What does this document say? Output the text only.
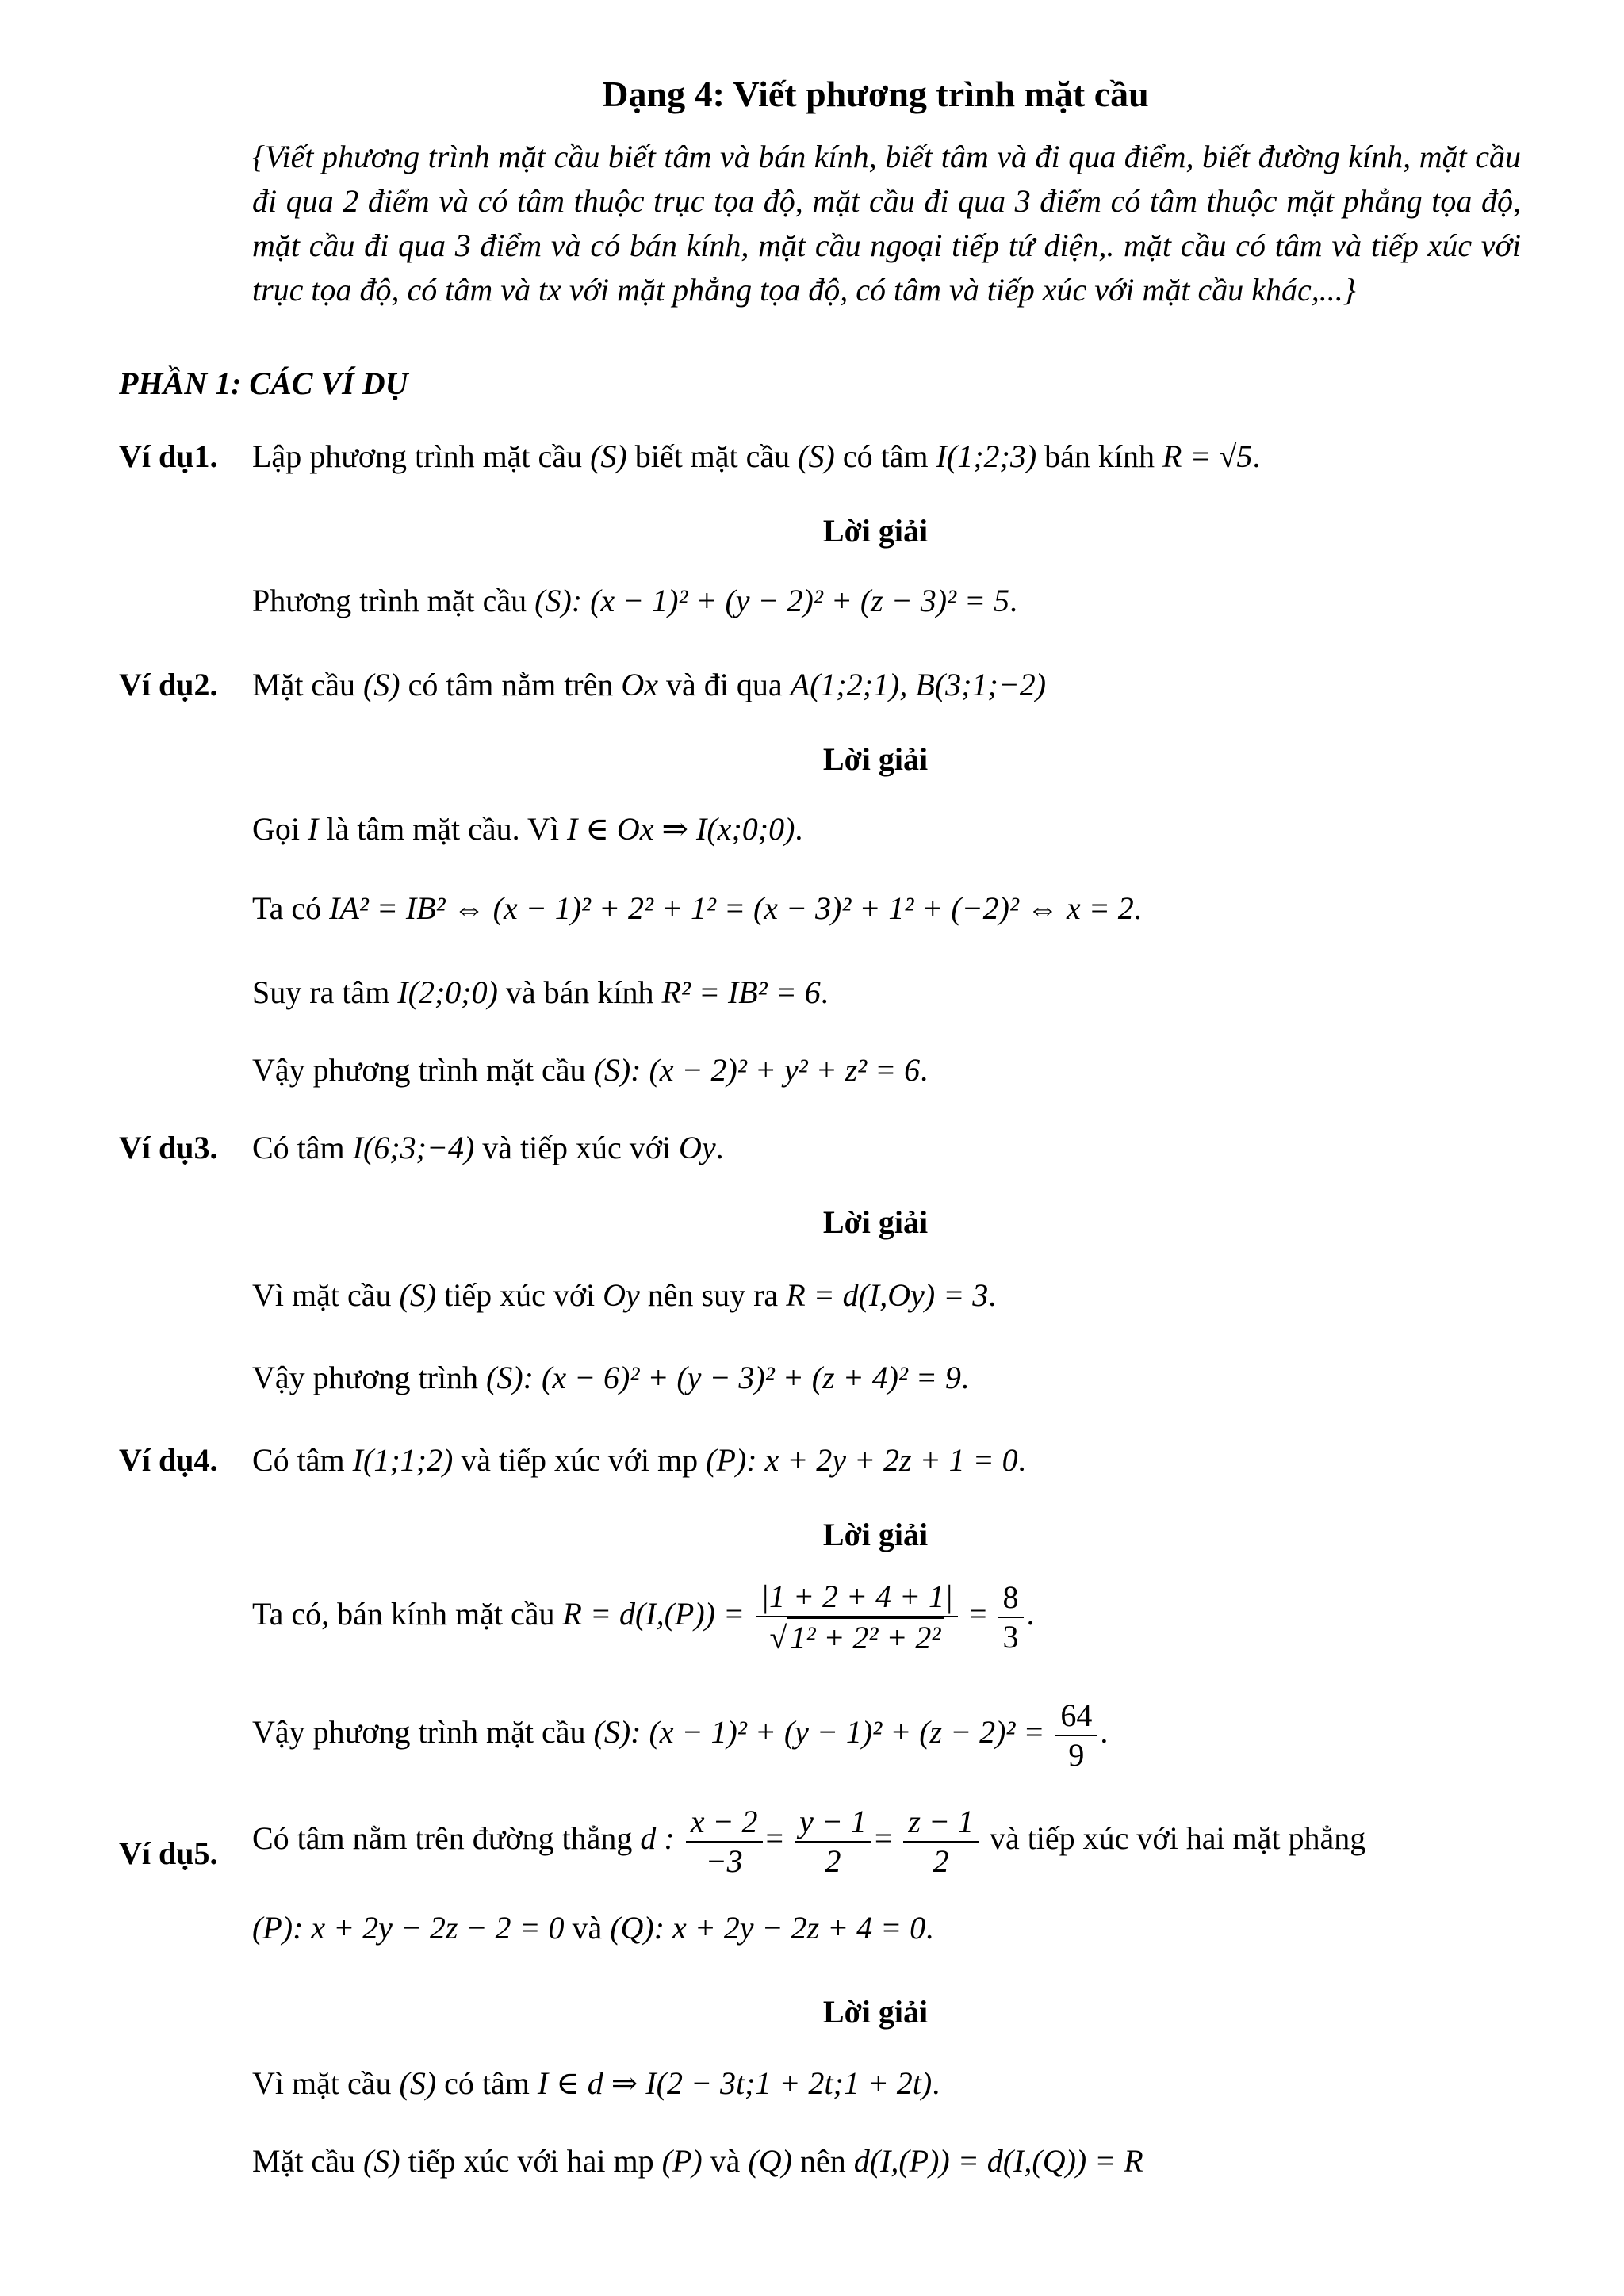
Dạng 4: Viết phương trình mặt cầu
{Viết phương trình mặt cầu biết tâm và bán kính, biết tâm và đi qua điểm, biết đường kính, mặt cầu đi qua 2 điểm và có tâm thuộc trục tọa độ, mặt cầu đi qua 3 điểm có tâm thuộc mặt phẳng tọa độ, mặt cầu đi qua 3 điểm và có bán kính, mặt cầu ngoại tiếp tứ diện,. mặt cầu có tâm và tiếp xúc với trục tọa độ, có tâm và tx với mặt phẳng tọa độ, có tâm và tiếp xúc với mặt cầu khác,...}
PHẦN 1: CÁC VÍ DỤ
Ví dụ1. Lập phương trình mặt cầu (S) biết mặt cầu (S) có tâm I(1;2;3) bán kính R = √5.
Lời giải
Phương trình mặt cầu (S): (x − 1)² + (y − 2)² + (z − 3)² = 5.
Ví dụ2. Mặt cầu (S) có tâm nằm trên Ox và đi qua A(1;2;1), B(3;1;−2)
Lời giải
Gọi I là tâm mặt cầu. Vì I ∈ Ox ⇒ I(x;0;0).
Ta có IA² = IB² ⇔ (x − 1)² + 2² + 1² = (x − 3)² + 1² + (−2)² ⇔ x = 2.
Suy ra tâm I(2;0;0) và bán kính R² = IB² = 6.
Vậy phương trình mặt cầu (S): (x − 2)² + y² + z² = 6.
Ví dụ3. Có tâm I(6;3;−4) và tiếp xúc với Oy.
Lời giải
Vì mặt cầu (S) tiếp xúc với Oy nên suy ra R = d(I,Oy) = 3.
Vậy phương trình (S): (x − 6)² + (y − 3)² + (z + 4)² = 9.
Ví dụ4. Có tâm I(1;1;2) và tiếp xúc với mp (P): x + 2y + 2z + 1 = 0.
Lời giải
Ta có, bán kính mặt cầu $R = d(I,(P)) = \frac{|1 + 2 + 4 + 1|}{\text{√ 1² + 2² + 2²}} = \frac{8}{3}$ .
Vậy phương trình mặt cầu (S): $(x - 1)^2 + (y - 1)^2 + (z - 2)^2 = \frac{64}{9}$ .
Ví dụ5. Có tâm nằm trên đường thẳng d : $\frac{x - 2}{-3} = \frac{y - 1}{2} = \frac{z - 1}{2}$ và tiếp xúc với hai mặt phẳng
(P): x + 2y − 2z − 2 = 0 và (Q): x + 2y − 2z + 4 = 0.
Lời giải
Vì mặt cầu (S) có tâm I ∈ d ⇒ I(2 − 3t;1 + 2t;1 + 2t).
Mặt cầu (S) tiếp xúc với hai mp (P) và (Q) nên d(I,(P)) = d(I,(Q)) = R
